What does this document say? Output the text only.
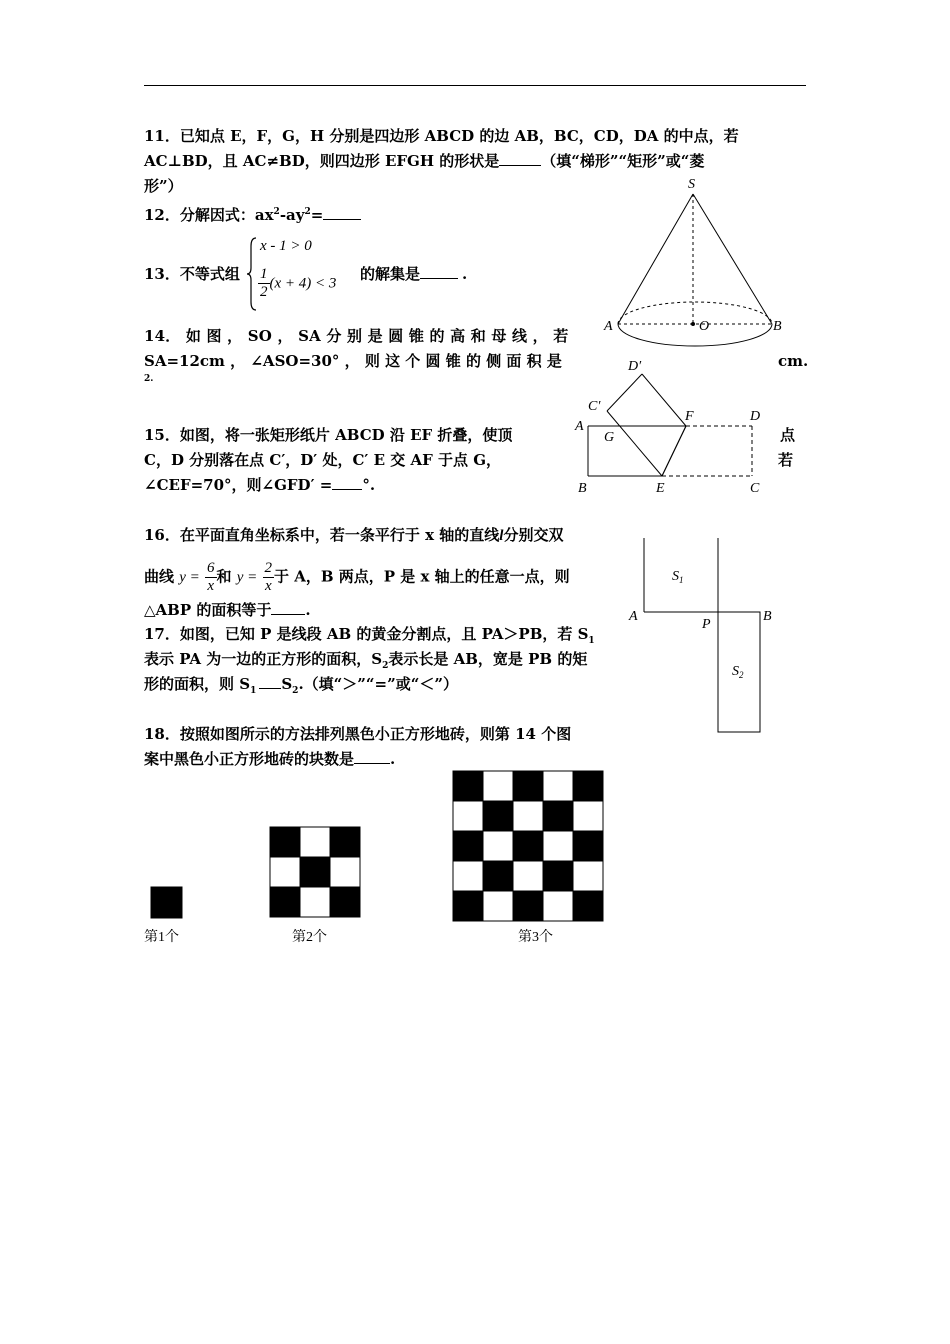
11．已知点 E，F，G，H 分别是四边形 ABCD 的边 AB，BC，CD，DA 的中点，若
AC⊥BD，且 AC≠BD，则四边形 EFGH 的形状是	（填“梯形”“矩形”或“菱
形”）
12．分解因式：$ax^2-ay^2=$
13．不等式组
x - 1 > 0
$\frac{1}{2} (x + 4) < 3$
的解集是	.
14． 如 图 ， SO ， SA 分 别 是 圆 锥 的 高 和 母 线 ， 若
SA=12cm ， ∠ASO=30° ， 则 这 个 圆 锥 的 侧 面 积 是	cm.
2.
15．如图，将一张矩形纸片 ABCD 沿 EF 折叠，使顶	点
C，D 分别落在点 C′，D′ 处，C′ E 交 AF 于点 G，	若
∠CEF=70°，则∠GFD′ = °.
16．在平面直角坐标系中，若一条平行于 x 轴的直线l分别交双
曲线 $y = \frac{6}{x}$ 和 $y = \frac{2}{x}$ 于 A，B 两点，P 是 x 轴上的任意一点，则
△ABP 的面积等于 .
17．如图，已知 P 是线段 AB 的黄金分割点，且 PA＞PB，若 $S_1$
表示 PA 为一边的正方形的面积，$S_2$表示长是 AB，宽是 PB 的矩
形的面积，则 $S_1$ $S_2$.（填“＞”“=”或“＜”）
18．按照如图所示的方法排列黑色小正方形地砖，则第 14 个图
案中黑色小正方形地砖的块数是 .
S
A	O	B
D′
C′
F	D
A
G
B	E	C
$S_1$
$S_2$
A
P
B
第1个	第2个	第3个
